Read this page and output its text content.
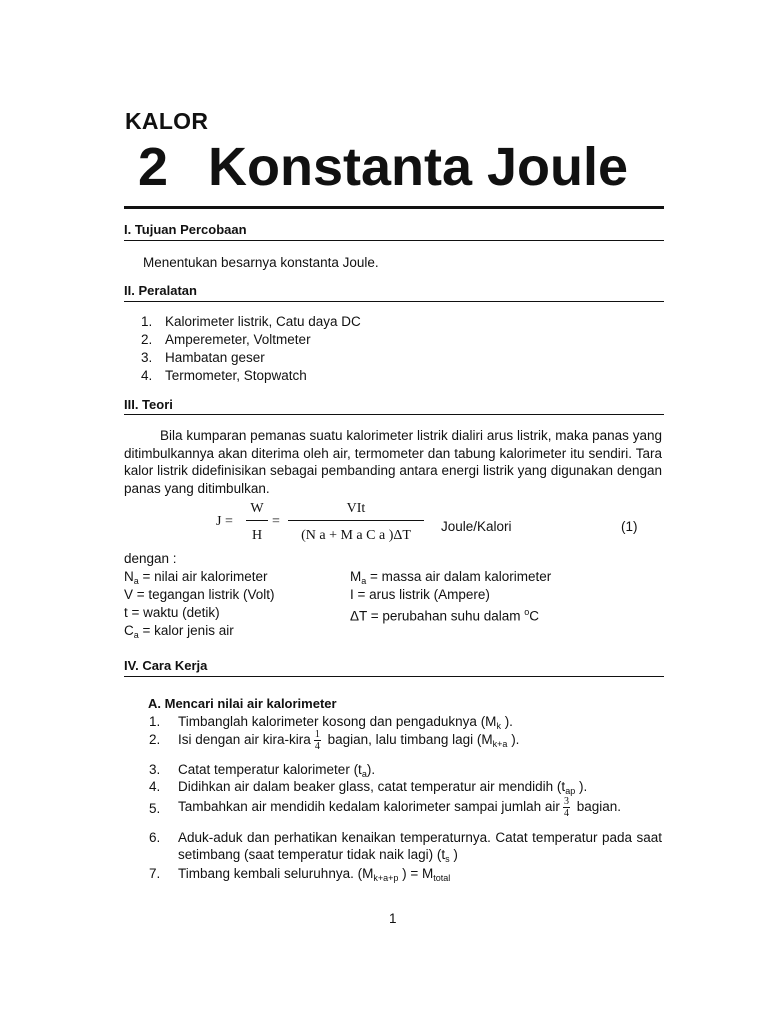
KALOR
2 Konstanta Joule
I. Tujuan Percobaan
Menentukan besarnya konstanta Joule.
II. Peralatan
1. Kalorimeter listrik, Catu daya DC
2. Amperemeter, Voltmeter
3. Hambatan geser
4. Termometer, Stopwatch
III. Teori
Bila kumparan pemanas suatu kalorimeter listrik dialiri arus listrik, maka panas yang ditimbulkannya akan diterima oleh air, termometer dan tabung kalorimeter itu sendiri. Tara kalor listrik didefinisikan sebagai pembanding antara energi listrik yang digunakan dengan panas yang ditimbulkan.
J =
W
H
=
VIt
(N a + M a C a )ΔT
Joule/Kalori	(1)
dengan :
$N_a$ = nilai air kalorimeter
V = tegangan listrik (Volt)
t = waktu (detik)
$C_a$ = kalor jenis air
$M_a$ = massa air dalam kalorimeter
I = arus listrik (Ampere)
ΔT = perubahan suhu dalam $^o$C
IV. Cara Kerja
A. Mencari nilai air kalorimeter
1. Timbanglah kalorimeter kosong dan pengaduknya ($M_k$ ).
2. Isi dengan air kira-kira $\frac{1}{4}$ bagian, lalu timbang lagi ($M_{k+a}$ ).
3. Catat temperatur kalorimeter $(t_a)$.
4. Didihkan air dalam beaker glass, catat temperatur air mendidih ($t_{ap}$ ).
5. Tambahkan air mendidih kedalam kalorimeter sampai jumlah air $\frac{3}{4}$ bagian.
6. Aduk-aduk dan perhatikan kenaikan temperaturnya. Catat temperatur pada saat setimbang (saat temperatur tidak naik lagi) ($t_s$ )
7. Timbang kembali seluruhnya. ($M_{k+a+p}$ ) = $M_{total}$
1
